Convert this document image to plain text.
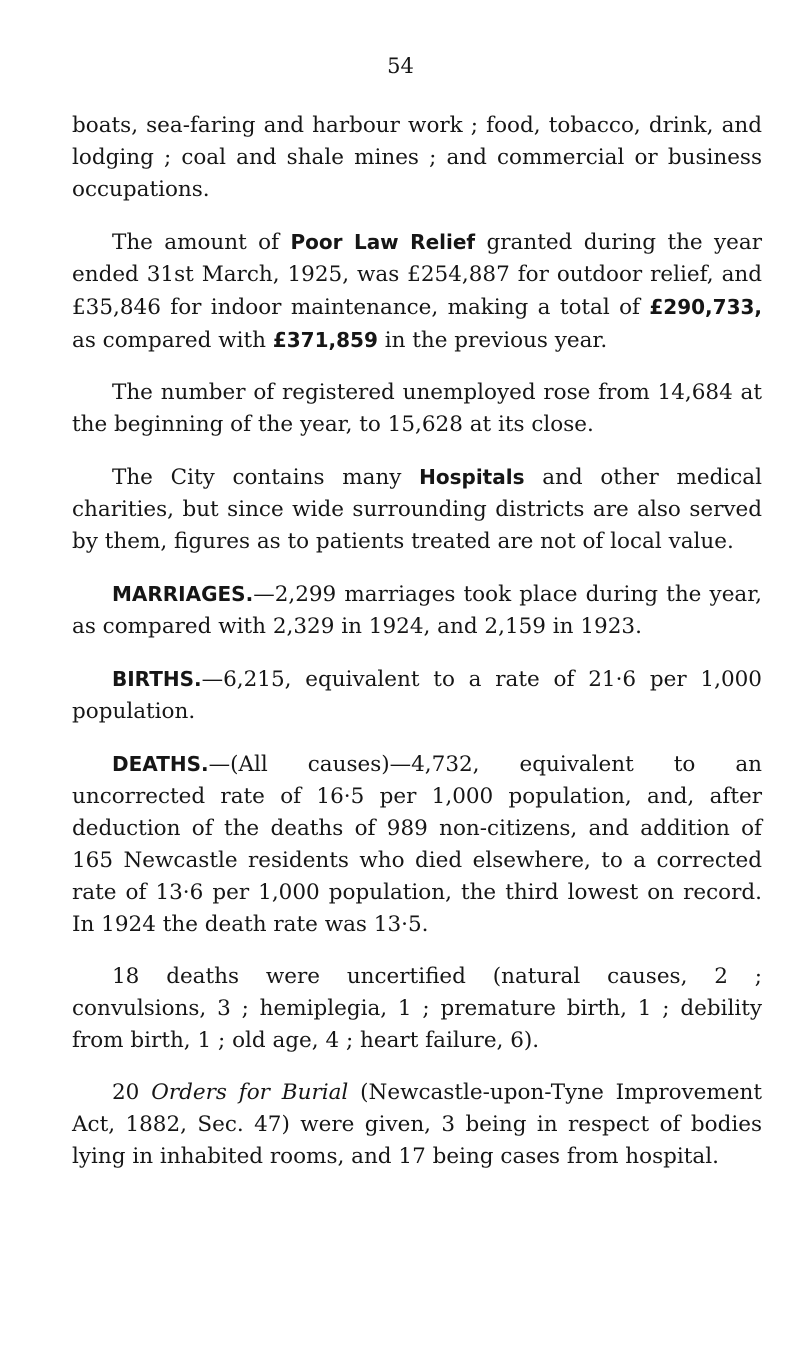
54

boats, sea-faring and harbour work ; food, tobacco, drink, and lodging ; coal and shale mines ; and commercial or business occupations.

The amount of Poor Law Relief granted during the year ended 31st March, 1925, was £254,887 for outdoor relief, and £35,846 for indoor maintenance, making a total of £290,733, as compared with £371,859 in the previous year.

The number of registered unemployed rose from 14,684 at the beginning of the year, to 15,628 at its close.

The City contains many Hospitals and other medical charities, but since wide surrounding districts are also served by them, figures as to patients treated are not of local value.

MARRIAGES.—2,299 marriages took place during the year, as compared with 2,329 in 1924, and 2,159 in 1923.

BIRTHS.—6,215, equivalent to a rate of 21·6 per 1,000 population.

DEATHS.—(All causes)—4,732, equivalent to an uncorrected rate of 16·5 per 1,000 population, and, after deduction of the deaths of 989 non-citizens, and addition of 165 Newcastle residents who died elsewhere, to a corrected rate of 13·6 per 1,000 population, the third lowest on record. In 1924 the death rate was 13·5.

18 deaths were uncertified (natural causes, 2 ; convulsions, 3 ; hemiplegia, 1 ; premature birth, 1 ; debility from birth, 1 ; old age, 4 ; heart failure, 6).

20 Orders for Burial (Newcastle-upon-Tyne Improvement Act, 1882, Sec. 47) were given, 3 being in respect of bodies lying in inhabited rooms, and 17 being cases from hospital.
